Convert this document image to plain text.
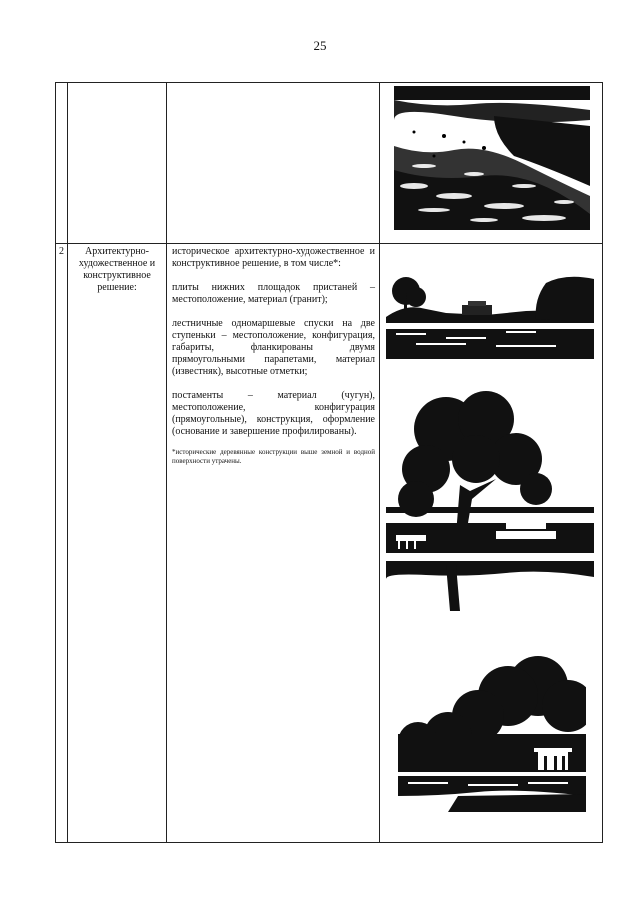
25

2	Архитектурно-художественное и конструктивное решение:	историческое архитектурно-художественное и конструктивное решение, в том числе*:

плиты нижних площадок пристаней – местоположение, материал (гранит);

лестничные одномаршевые спуски на две ступеньки – местоположение, конфигурация, габариты, фланкированы двумя прямоугольными парапетами, материал (известняк), высотные отметки;

постаменты – материал (чугун), местоположение, конфигурация (прямоугольные), конструкция, оформление (основание и завершение профилированы).

*исторические деревянные конструкции выше земной и водной поверхности утрачены.
